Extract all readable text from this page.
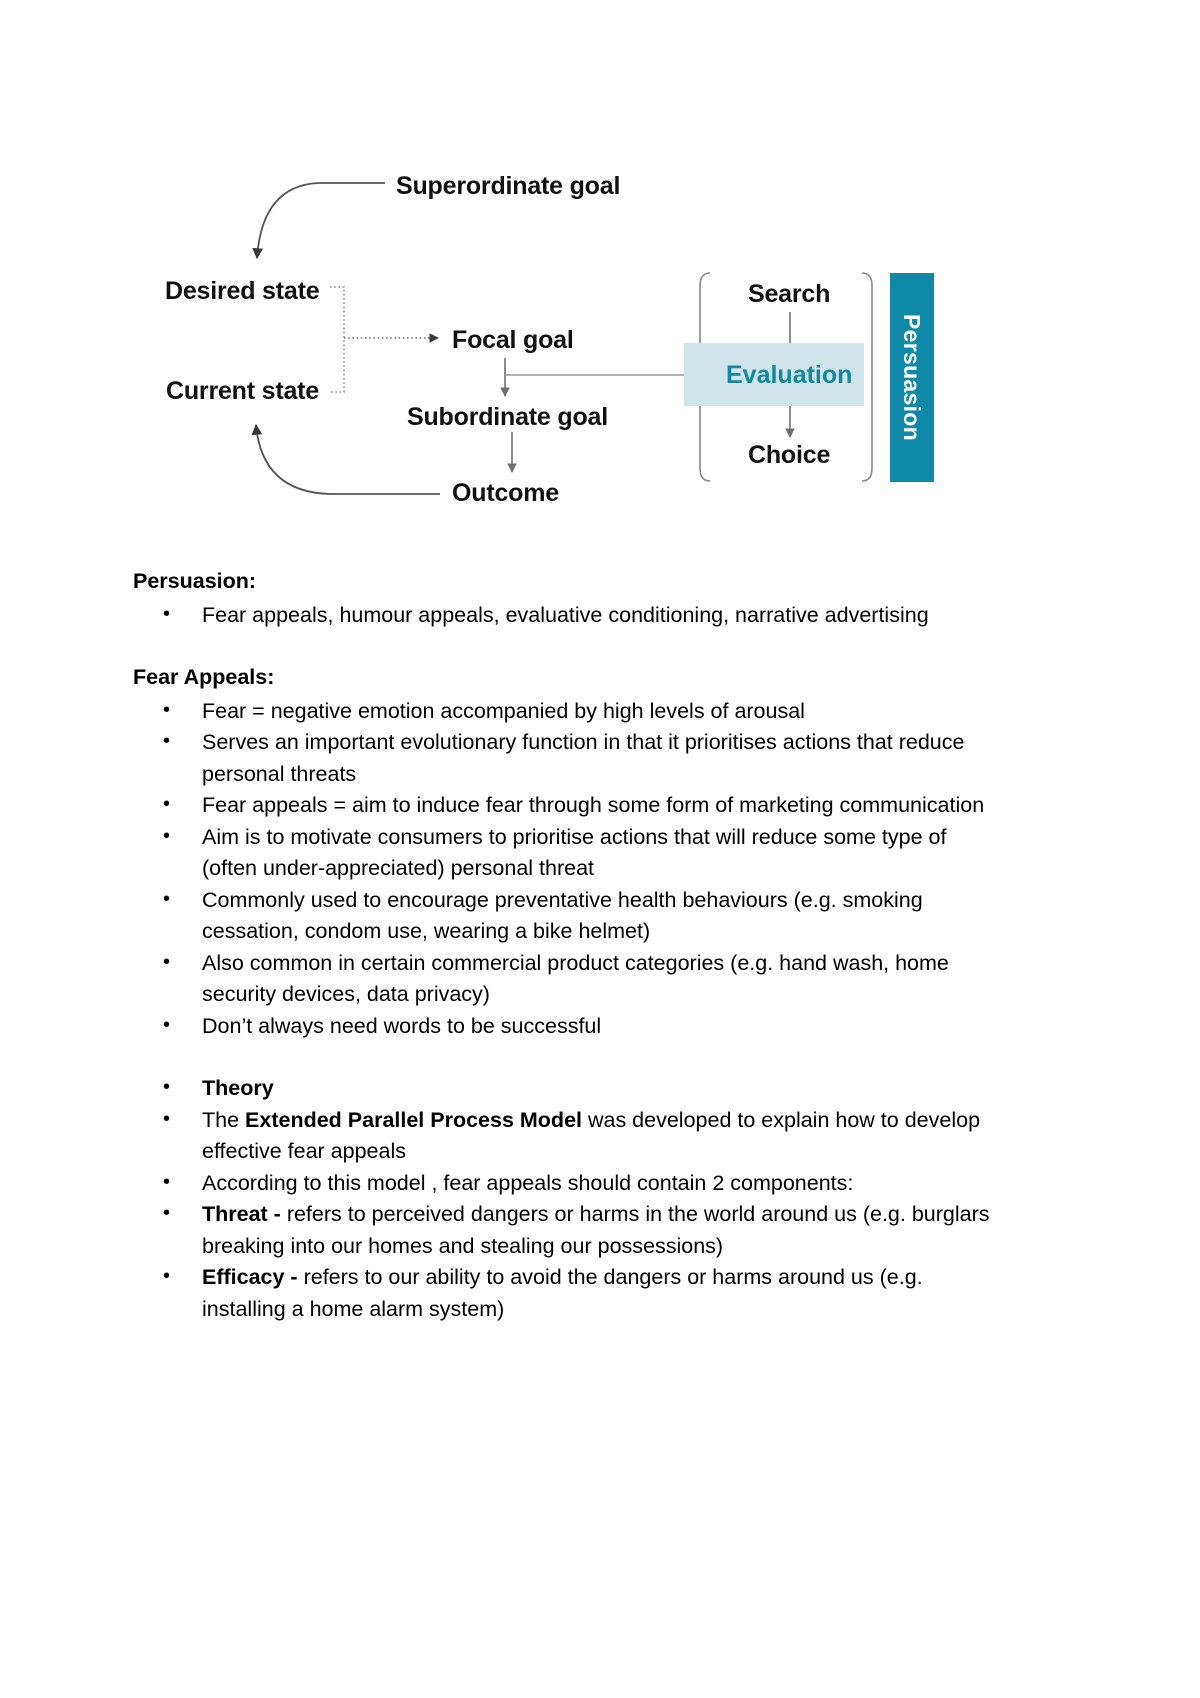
Superordinate goal
Desired state
Current state
Focal goal
Subordinate goal
Outcome
Search
Choice
Evaluation	Persuasion
Persuasion:
• Fear appeals, humour appeals, evaluative conditioning, narrative advertising
Fear Appeals:
• Fear = negative emotion accompanied by high levels of arousal
• Serves an important evolutionary function in that it prioritises actions that reduce personal threats
• Fear appeals = aim to induce fear through some form of marketing communication
• Aim is to motivate consumers to prioritise actions that will reduce some type of (often under-appreciated) personal threat
• Commonly used to encourage preventative health behaviours (e.g. smoking cessation, condom use, wearing a bike helmet)
• Also common in certain commercial product categories (e.g. hand wash, home security devices, data privacy)
• Don’t always need words to be successful
• Theory
• The Extended Parallel Process Model was developed to explain how to develop effective fear appeals
• According to this model , fear appeals should contain 2 components:
• Threat - refers to perceived dangers or harms in the world around us (e.g. burglars breaking into our homes and stealing our possessions)
• Efficacy - refers to our ability to avoid the dangers or harms around us (e.g. installing a home alarm system)
